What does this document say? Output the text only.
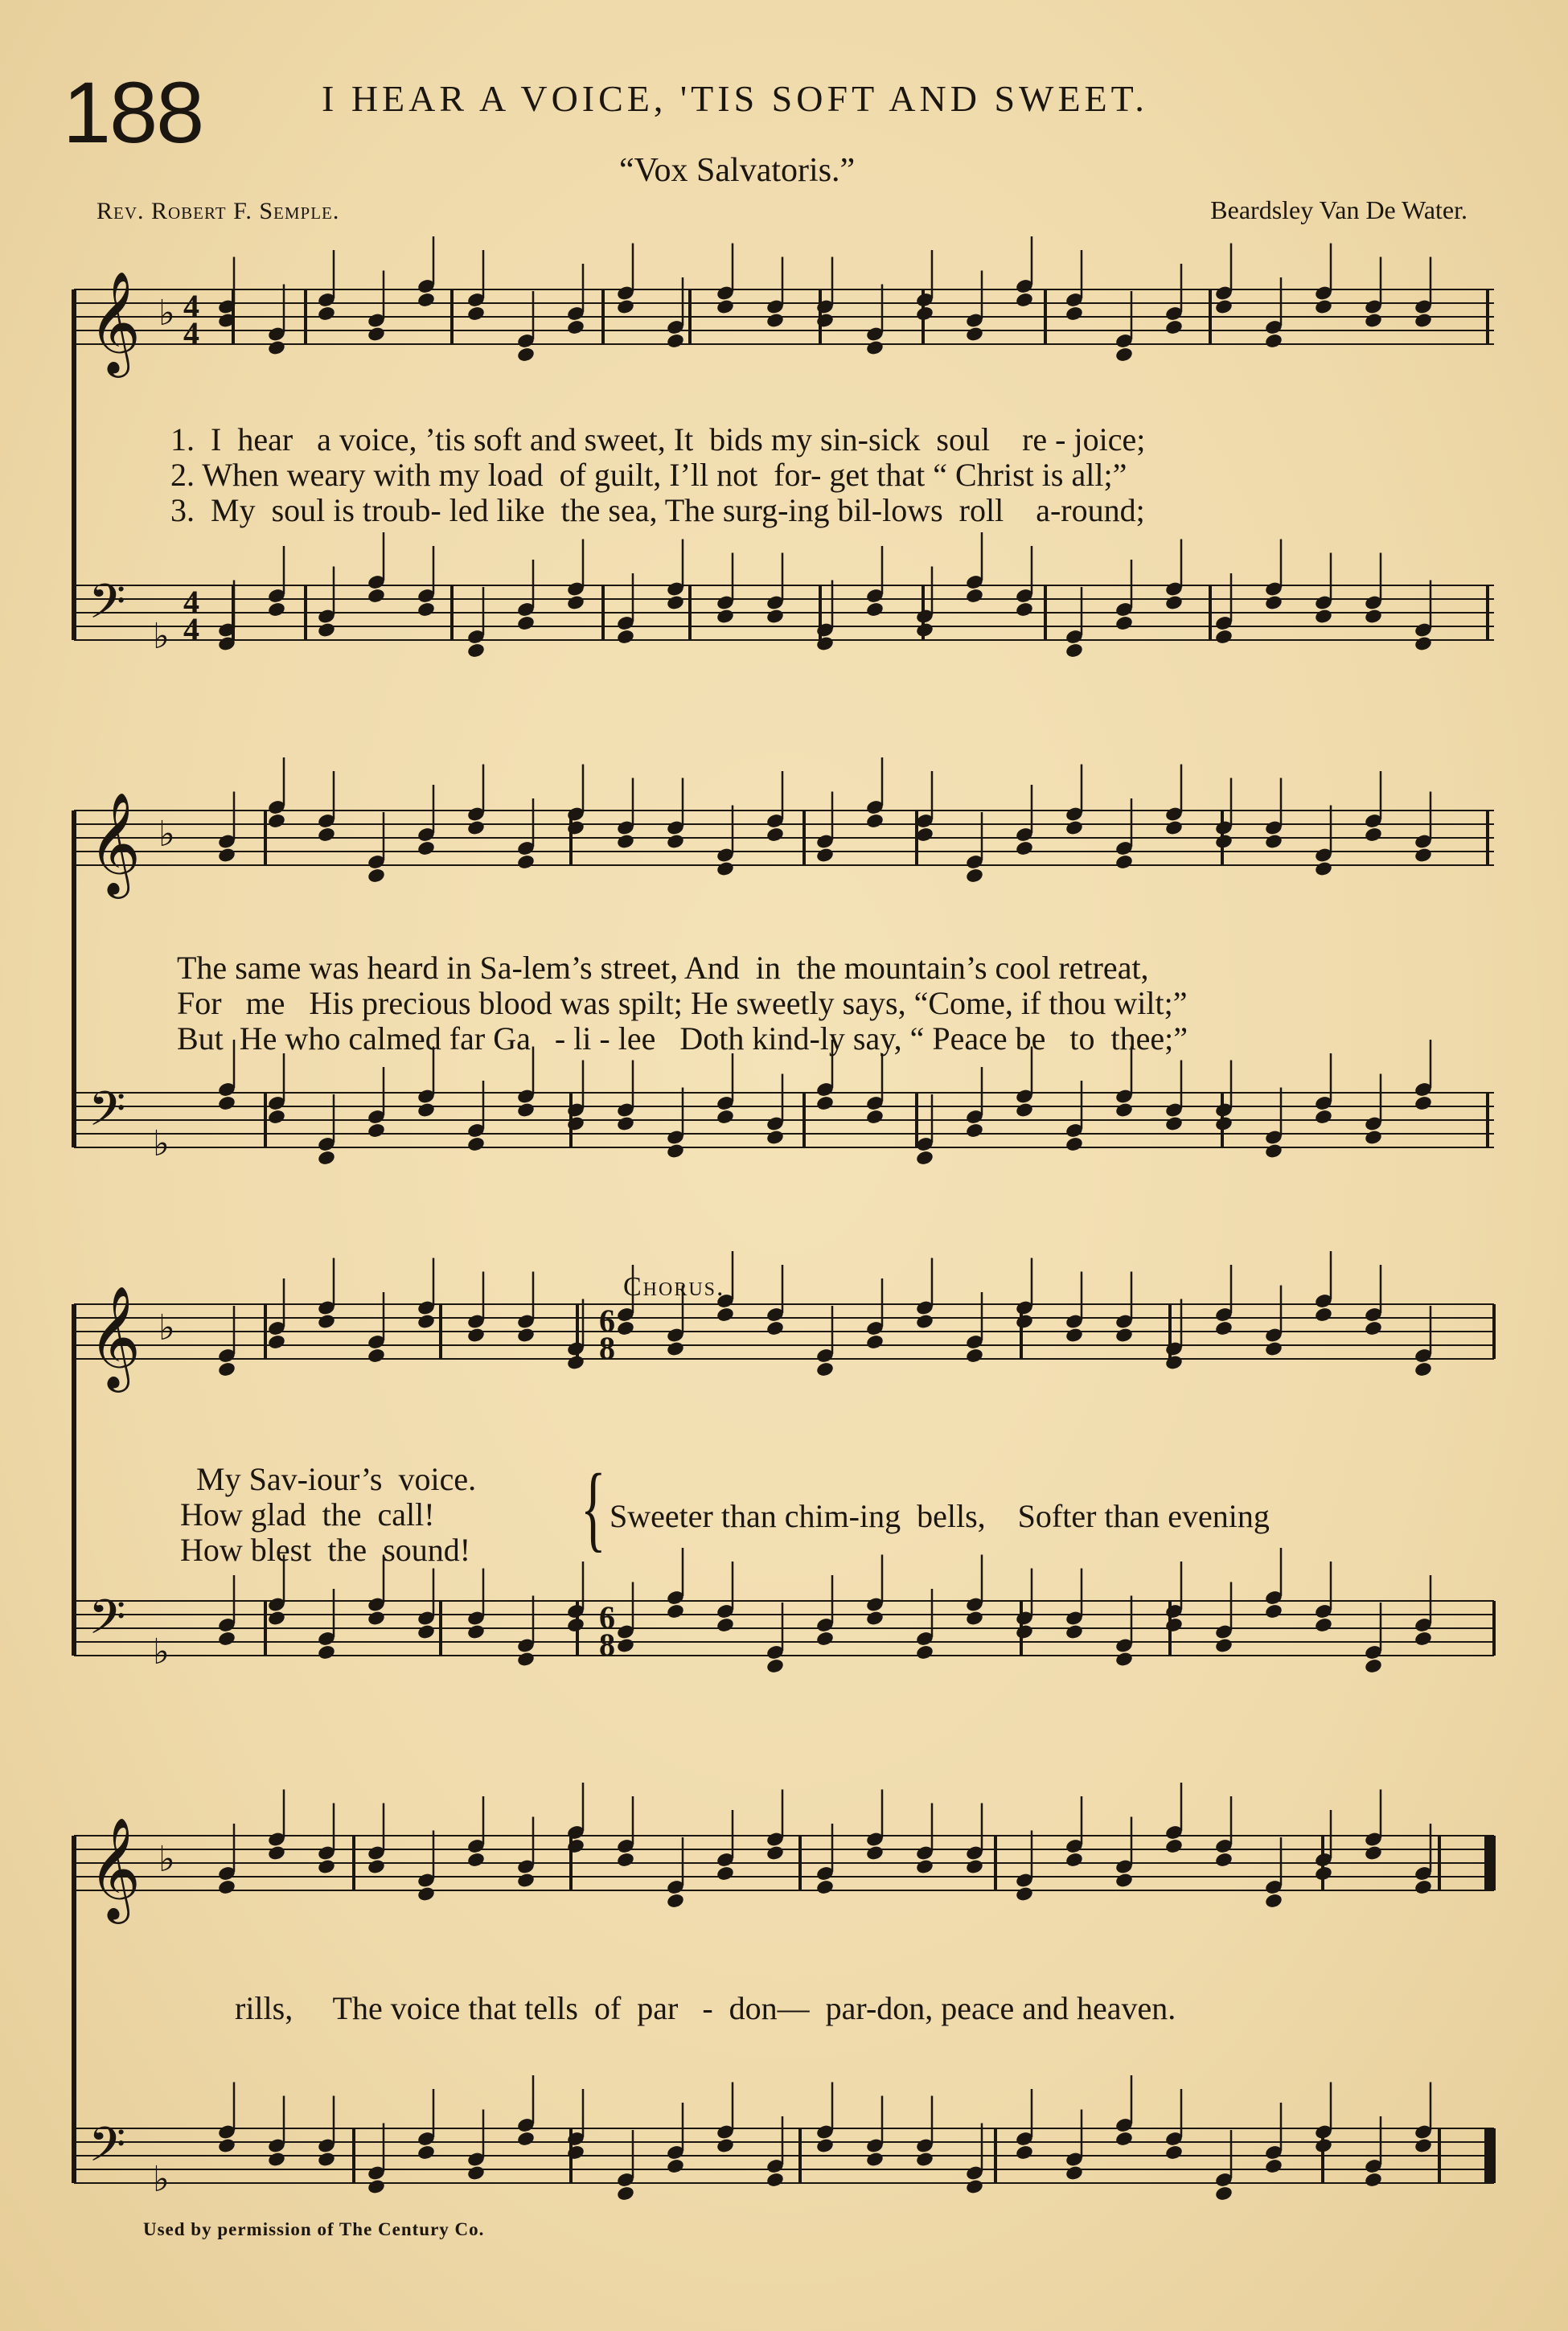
𝄞 ♭
𝄢 ♭
𝄞 ♭
𝄢 ♭
𝄞 ♭
𝄢 ♭
𝄞 ♭
𝄢 ♭
4
4
4
4
6
8
6
8
188	I HEAR A VOICE, 'TIS SOFT AND SWEET.
“Vox Salvatoris.”
Rev. Robert F. Semple.	Beardsley Van De Water.
1.  I  hear   a voice, ’tis soft and sweet, It  bids my sin-sick  soul    re - joice;
2. When weary with my load  of guilt, I’ll not  for- get that “ Christ is all;”
3.  My  soul is troub- led like  the sea, The surg-ing bil-lows  roll    a-round;
The same was heard in Sa-lem’s street, And  in  the mountain’s cool retreat,
For   me   His precious blood was spilt; He sweetly says, “Come, if thou wilt;”
But  He who calmed far Ga   - li - lee   Doth kind-ly say, “ Peace be   to  thee;”
Chorus.
My Sav-iour’s  voice.
How glad  the  call!
How blest  the  sound! { Sweeter than chim-ing  bells,    Softer than evening
rills,     The voice that tells  of  par   -  don—  par-don, peace and heaven.
Used by permission of The Century Co.
